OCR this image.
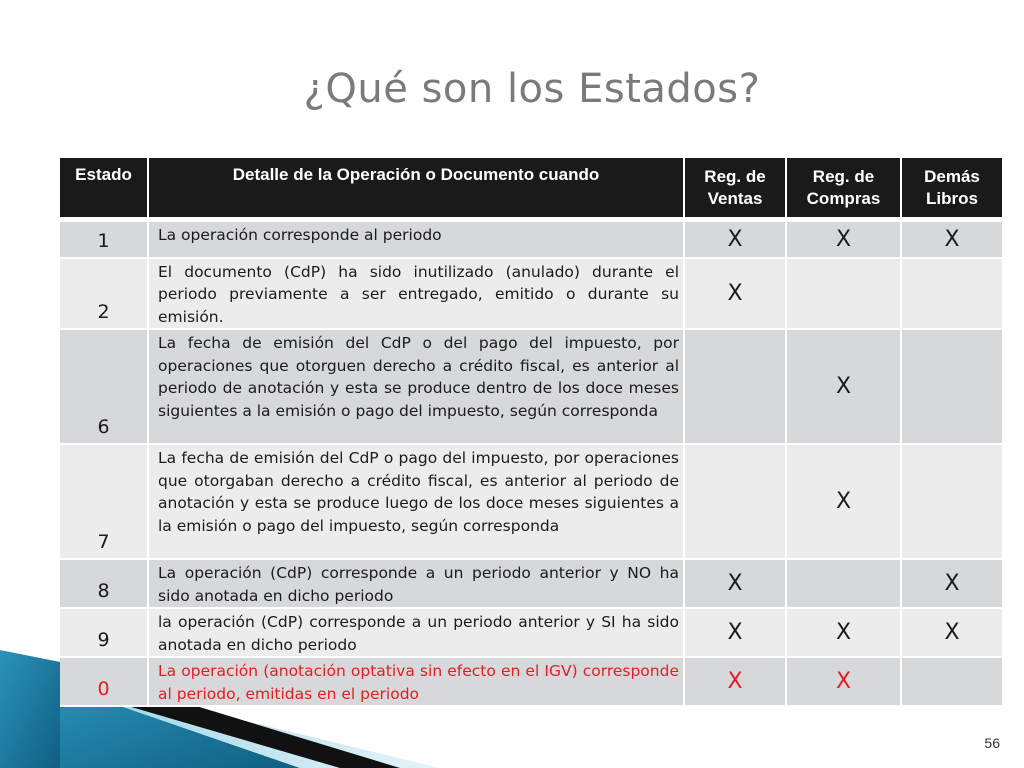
¿Qué son los Estados?
Estado	Detalle de la Operación o Documento cuando	Reg. de Ventas	Reg. de Compras	Demás Libros
1	La operación corresponde al periodo	X	X	X
2	El documento (CdP) ha sido inutilizado (anulado) durante el periodo previamente a ser entregado, emitido o durante su emisión.	X		
6	La fecha de emisión del CdP o del pago del impuesto, por operaciones que otorguen derecho a crédito fiscal, es anterior al periodo de anotación y esta se produce dentro de los doce meses siguientes a la emisión o pago del impuesto, según corresponda		X	
7	La fecha de emisión del CdP o pago del impuesto, por operaciones que otorgaban derecho a crédito fiscal, es anterior al periodo de anotación y esta se produce luego de los doce meses siguientes a la emisión o pago del impuesto, según corresponda		X	
8	La operación (CdP) corresponde a un periodo anterior y NO ha sido anotada en dicho periodo	X		X
9	la operación (CdP) corresponde a un periodo anterior y SI ha sido anotada en dicho periodo	X	X	X
0	La operación (anotación optativa sin efecto en el IGV) corresponde al periodo, emitidas en el periodo	X	X	
56
